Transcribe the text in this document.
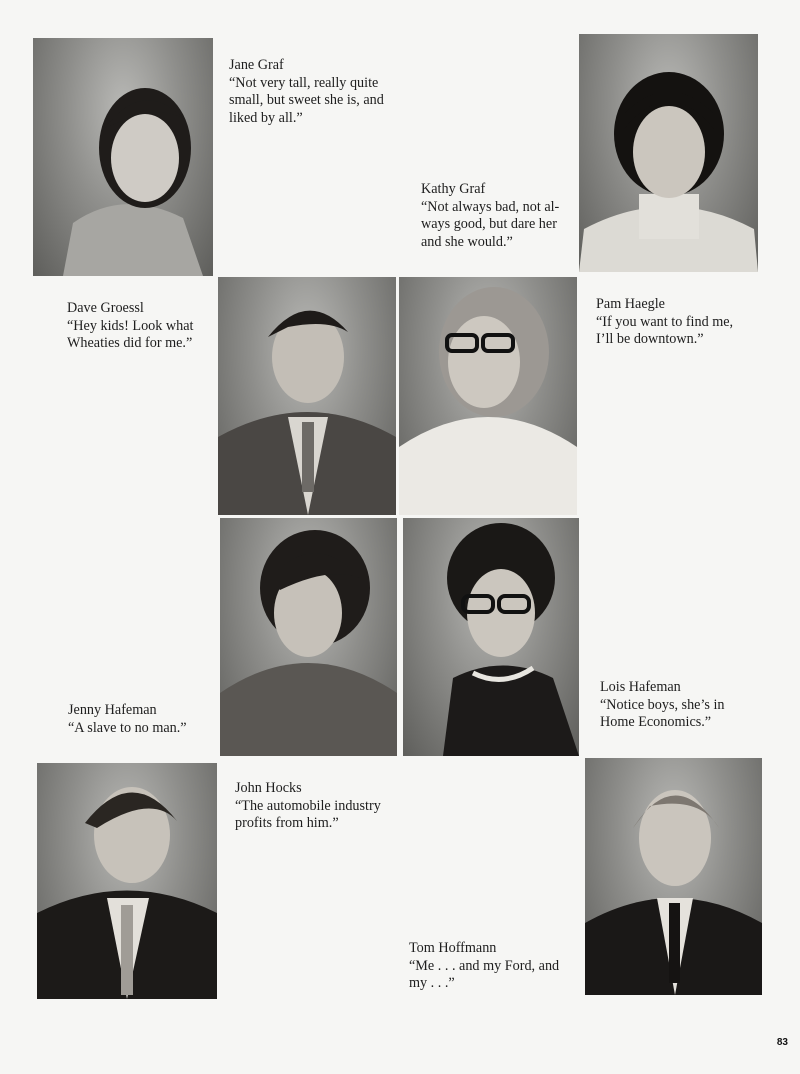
Jane Graf
“Not very tall, really quite
small, but sweet she is, and
liked by all.”
Kathy Graf
“Not always bad, not al-
ways good, but dare her
and she would.”
Dave Groessl
“Hey kids! Look what
Wheaties did for me.”
Pam Haegle
“If you want to find me,
I’ll be downtown.”
Jenny Hafeman
“A slave to no man.”
Lois Hafeman
“Notice boys, she’s in
Home Economics.”
John Hocks
“The automobile industry
profits from him.”
Tom Hoffmann
“Me . . . and my Ford, and
my . . .”
83
